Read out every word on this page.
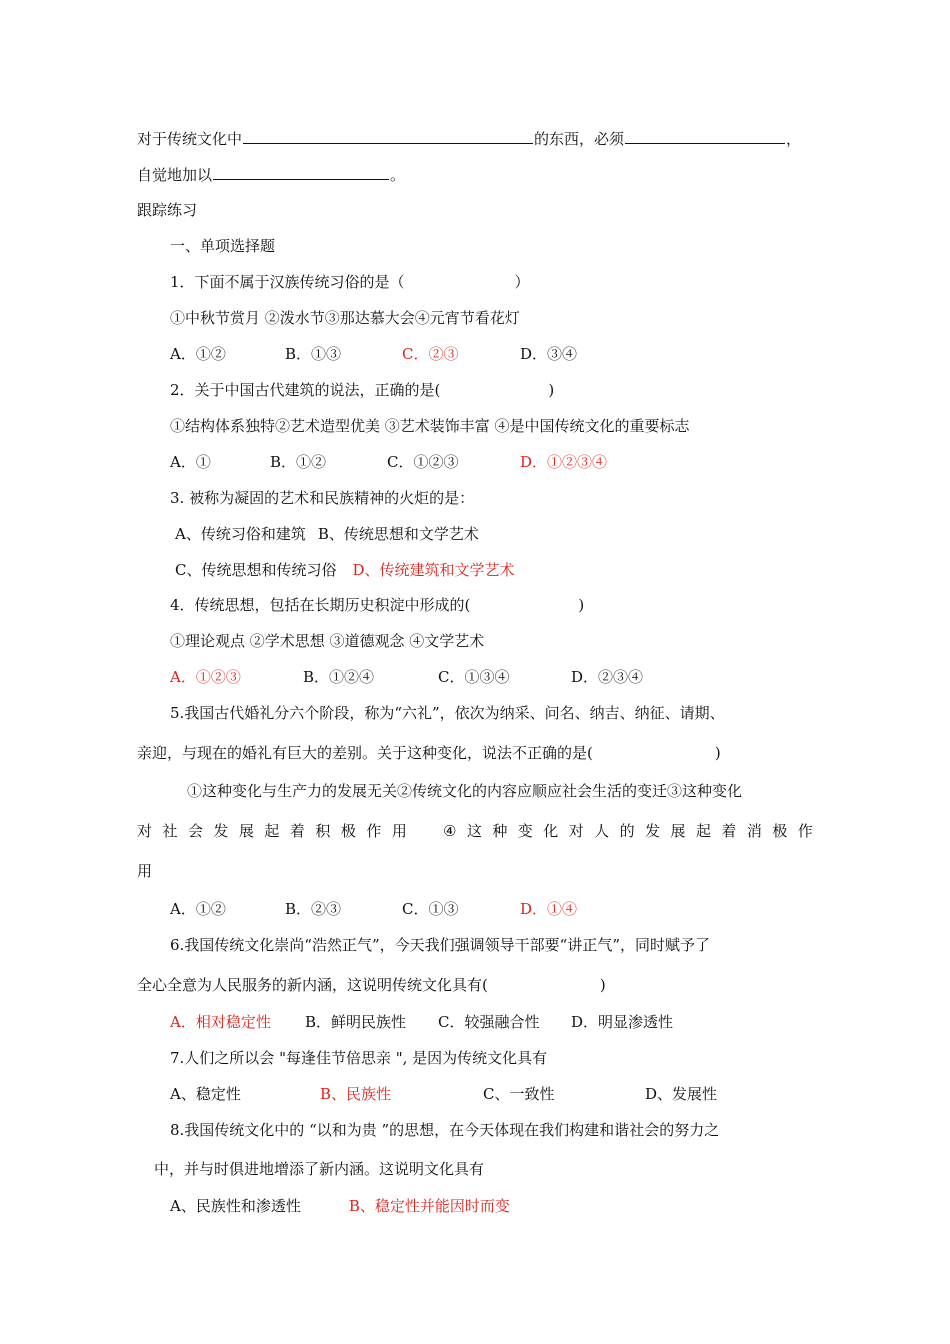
对于传统文化中	的东西，必须	，
自觉地加以	。
跟踪练习
一、单项选择题
1．下面不属于汉族传统习俗的是（	）
①中秋节赏月 ②泼水节③那达慕大会④元宵节看花灯
A．①②	B．①③	C．②③	D．③④
2．关于中国古代建筑的说法，正确的是(	)
①结构体系独特②艺术造型优美 ③艺术装饰丰富 ④是中国传统文化的重要标志
A．①	B．①②	C．①②③	D．①②③④
3. 被称为凝固的艺术和民族精神的火炬的是：
A、传统习俗和建筑 B、传统思想和文学艺术
C、传统思想和传统习俗 D、传统建筑和文学艺术
4．传统思想，包括在长期历史积淀中形成的(	)
①理论观点 ②学术思想 ③道德观念 ④文学艺术
A．①②③	B．①②④	C．①③④	D．②③④
5.我国古代婚礼分六个阶段，称为“六礼”，依次为纳采、问名、纳吉、纳征、请期、
亲迎，与现在的婚礼有巨大的差别。关于这种变化，说法不正确的是(	)
①这种变化与生产力的发展无关②传统文化的内容应顺应社会生活的变迁③这种变化
对 社 会 发 展 起 着 积 极 作 用 ④ 这 种 变 化 对 人 的 发 展 起 着 消 极 作
用
A．①②	B．②③	C．①③	D．①④
6.我国传统文化崇尚“浩然正气”，今天我们强调领导干部要“讲正气”，同时赋予了
全心全意为人民服务的新内涵，这说明传统文化具有(	)
A．相对稳定性 B．鲜明民族性 C．较强融合性 D．明显渗透性
7.人们之所以会 "每逢佳节倍思亲 ", 是因为传统文化具有
A、稳定性	B、民族性	C、一致性	D、发展性
8.我国传统文化中的 “以和为贵 ”的思想，在今天体现在我们构建和谐社会的努力之
中，并与时俱进地增添了新内涵。这说明文化具有
A、民族性和渗透性	B、稳定性并能因时而变
